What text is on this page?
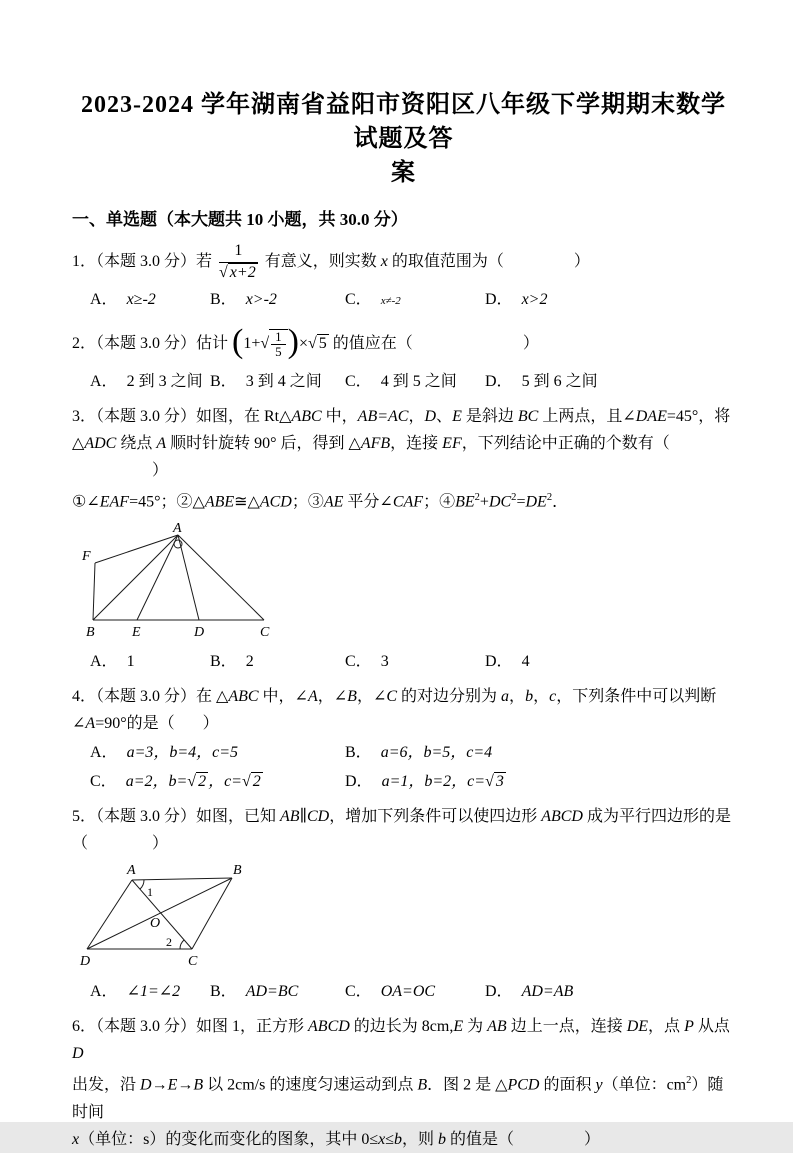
2023-2024 学年湖南省益阳市资阳区八年级下学期期末数学试题及答
案
一、单选题（本大题共 10 小题，共 30.0 分）
1．（本题 3.0 分）若 $\frac{1}{√ x+2}$ 有意义，则实数 x 的取值范围为（	）
A． x≥-2	B． x>-2	C． x≠-2	D． x>2
2．（本题 3.0 分）估计 ($1+√ \frac{1}{5}$ )×√ 5 的值应在（	）
A． 2 到 3 之间 B． 3 到 4 之间	C． 4 到 5 之间	D． 5 到 6 之间
3．（本题 3.0 分）如图，在 Rt△ABC 中，AB=AC，D、E 是斜边 BC 上两点，且∠DAE=45°，将
△ADC 绕点 A 顺时针旋转 90° 后，得到 △AFB，连接 EF，下列结论中正确的个数有（）
①∠EAF=45°；②△ABE≅△ACD；③AE 平分∠CAF；$④BE^2+DC^2=DE^2$．
A
F
B	E	D	C
A． 1	B． 2	C． 3	D． 4
4．（本题 3.0 分）在 △ABC 中，∠A，∠B，∠C 的对边分别为 a，b，c，下列条件中可以判断
∠A=90°的是（ ）
A． a=3，b=4，c=5	B． a=6，b=5，c=4
C． a=2，b=√ 2 ，c=√ 2	D． a=1，b=2，c=√ 3
5．（本题 3.0 分）如图，已知 AB∥CD，增加下列条件可以使四边形 ABCD 成为平行四边形的是
（	）
A	B
C
D
O
1
2
A． ∠1=∠2	B． AD=BC	C． OA=OC	D． AD=AB
6．（本题 3.0 分）如图 1，正方形 ABCD 的边长为 8cm,E 为 AB 边上一点，连接 DE，点 P 从点 D
出发，沿 D→E→B 以 2cm/s 的速度匀速运动到点 B．图 2 是 △PCD 的面积 y（单位：$cm^2$）随时间
x（单位：s）的变化而变化的图象，其中 0≤x≤b，则 b 的值是（	）
